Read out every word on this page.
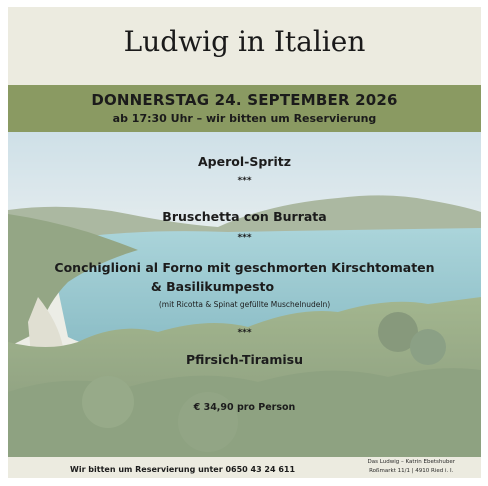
Ludwig in Italien
DONNERSTAG 24. SEPTEMBER 2026
ab 17:30 Uhr – wir bitten um Reservierung
Aperol-Spritz
***
Bruschetta con Burrata
***
Conchiglioni al Forno mit geschmorten Kirschtomaten
& Basilikumpesto
(mit Ricotta & Spinat gefüllte Muschelnudeln)
***
Pfirsich-Tiramisu
€ 34,90 pro Person
Wir bitten um Reservierung unter 0650 43 24 611
Das Ludwig – Katrin Ebetshuber
Roßmarkt 11/1 | 4910 Ried i. I.
